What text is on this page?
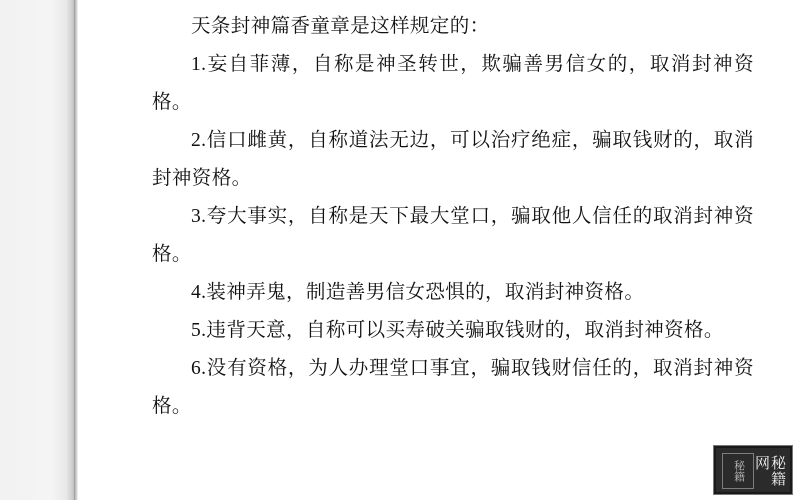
天条封神篇香童章是这样规定的：

1.妄自菲薄，自称是神圣转世，欺骗善男信女的，取消封神资格。

2.信口雌黄，自称道法无边，可以治疗绝症，骗取钱财的，取消封神资格。

3.夸大事实，自称是天下最大堂口，骗取他人信任的取消封神资格。

4.装神弄鬼，制造善男信女恐惧的，取消封神资格。

5.违背天意，自称可以买寿破关骗取钱财的，取消封神资格。

6.没有资格，为人办理堂口事宜，骗取钱财信任的，取消封神资格。

秘籍	秘籍网
